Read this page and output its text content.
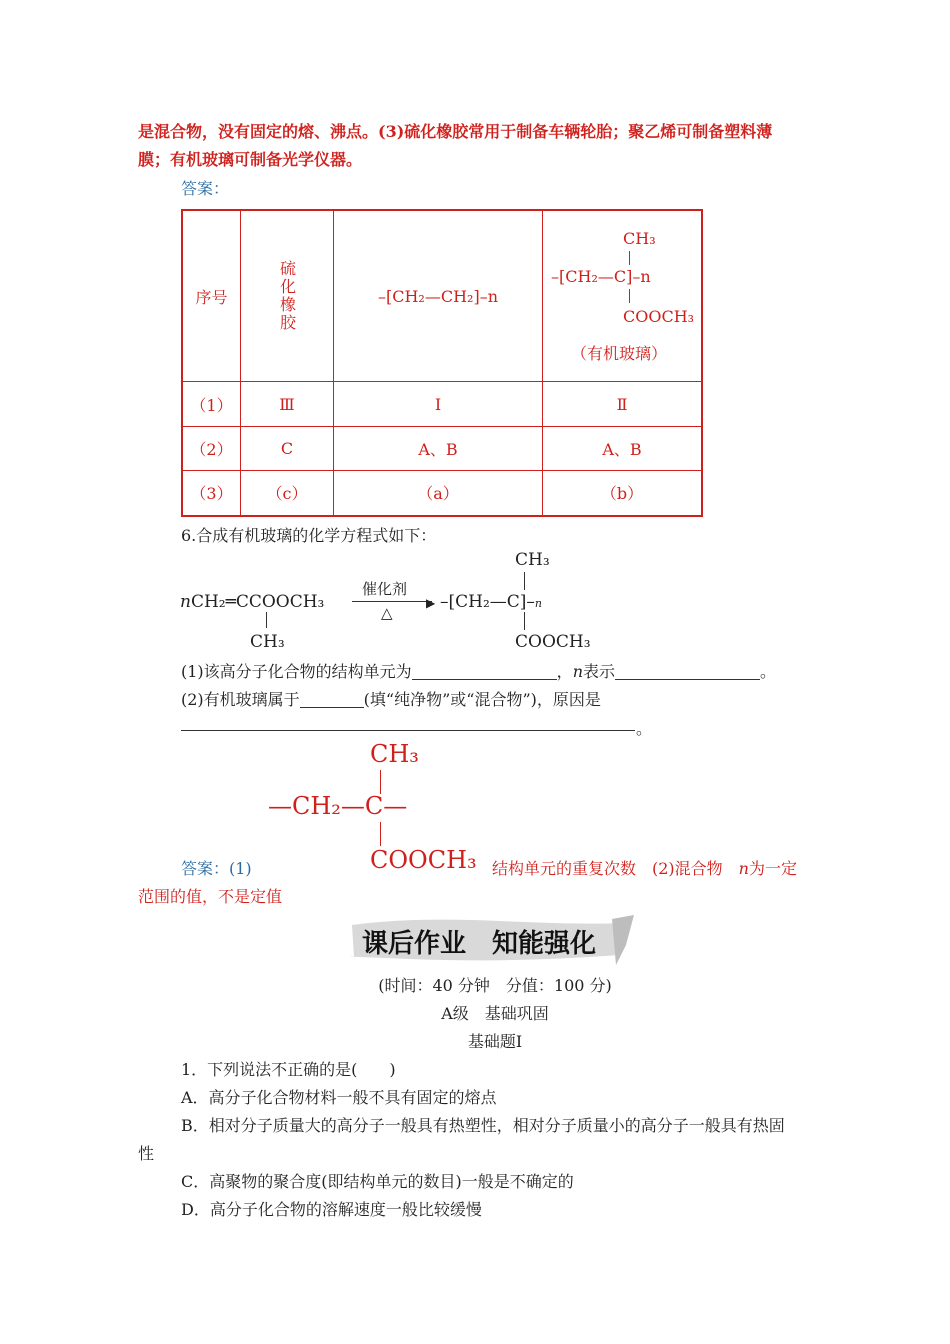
是混合物，没有固定的熔、沸点。(3)硫化橡胶常用于制备车辆轮胎；聚乙烯可制备塑料薄
膜；有机玻璃可制备光学仪器。
答案：
序号	硫化橡胶	–[CH₂—CH₂]–n	CH₃
–[CH₂—C]–n
COOCH₃
（有机玻璃）

（1）	Ⅲ	Ⅰ	Ⅱ
（2）	C	A、B	A、B
（3）	（c）	（a）	（b）
6.合成有机玻璃的化学方程式如下：
nCH₂═CCOOCH₃
CH₃
催化剂
▶
△
CH₃
–[CH₂—C]–n
COOCH₃
(1)该高分子化合物的结构单元为	，n表示	。
(2)有机玻璃属于	(填“纯净物”或“混合物”)，原因是
。
CH₃
—CH₂—C—
COOCH₃
答案：(1)	结构单元的重复次数　(2)混合物　n为一定
范围的值，不是定值
课后作业　知能强化
(时间：40 分钟　分值：100 分)
A级　基础巩固
基础题Ⅰ
1．下列说法不正确的是(　　)
A．高分子化合物材料一般不具有固定的熔点
B．相对分子质量大的高分子一般具有热塑性，相对分子质量小的高分子一般具有热固
性
C．高聚物的聚合度(即结构单元的数目)一般是不确定的
D．高分子化合物的溶解速度一般比较缓慢
